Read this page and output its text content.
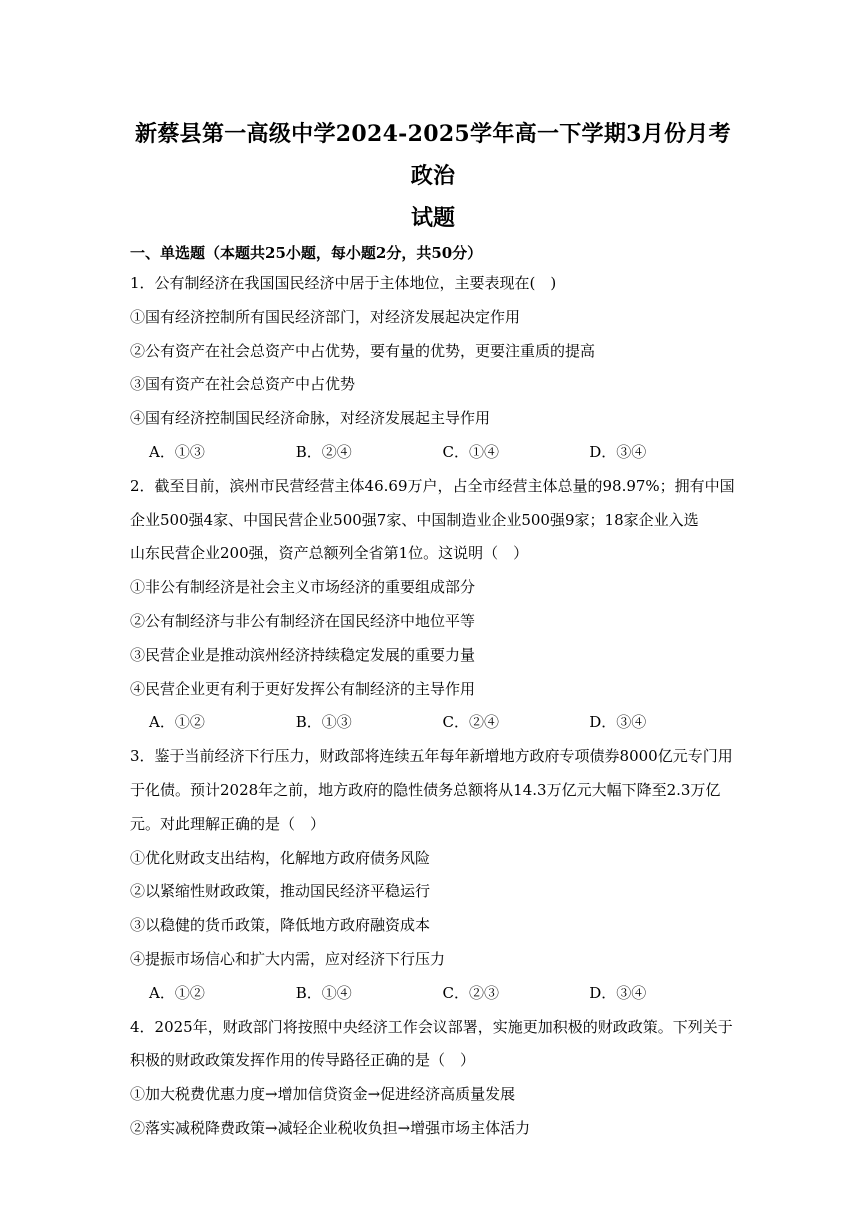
新蔡县第一高级中学2024-2025学年高一下学期3月份月考政治
试题
一、单选题（本题共25小题，每小题2分，共50分）
1．公有制经济在我国国民经济中居于主体地位，主要表现在(　)
①国有经济控制所有国民经济部门，对经济发展起决定作用
②公有资产在社会总资产中占优势，要有量的优势，更要注重质的提高
③国有资产在社会总资产中占优势
④国有经济控制国民经济命脉，对经济发展起主导作用
A．①③	B．②④	C．①④	D．③④
2．截至目前，滨州市民营经营主体46.69万户，占全市经营主体总量的98.97%；拥有中国
企业500强4家、中国民营企业500强7家、中国制造业企业500强9家；18家企业入选
山东民营企业200强，资产总额列全省第1位。这说明（　）
①非公有制经济是社会主义市场经济的重要组成部分
②公有制经济与非公有制经济在国民经济中地位平等
③民营企业是推动滨州经济持续稳定发展的重要力量
④民营企业更有利于更好发挥公有制经济的主导作用
A．①②	B．①③	C．②④	D．③④
3．鉴于当前经济下行压力，财政部将连续五年每年新增地方政府专项债券8000亿元专门用
于化债。预计2028年之前，地方政府的隐性债务总额将从14.3万亿元大幅下降至2.3万亿
元。对此理解正确的是（　）
①优化财政支出结构，化解地方政府债务风险
②以紧缩性财政政策，推动国民经济平稳运行
③以稳健的货币政策，降低地方政府融资成本
④提振市场信心和扩大内需，应对经济下行压力
A．①②	B．①④	C．②③	D．③④
4．2025年，财政部门将按照中央经济工作会议部署，实施更加积极的财政政策。下列关于
积极的财政政策发挥作用的传导路径正确的是（　）
①加大税费优惠力度→增加信贷资金→促进经济高质量发展
②落实减税降费政策→减轻企业税收负担→增强市场主体活力
